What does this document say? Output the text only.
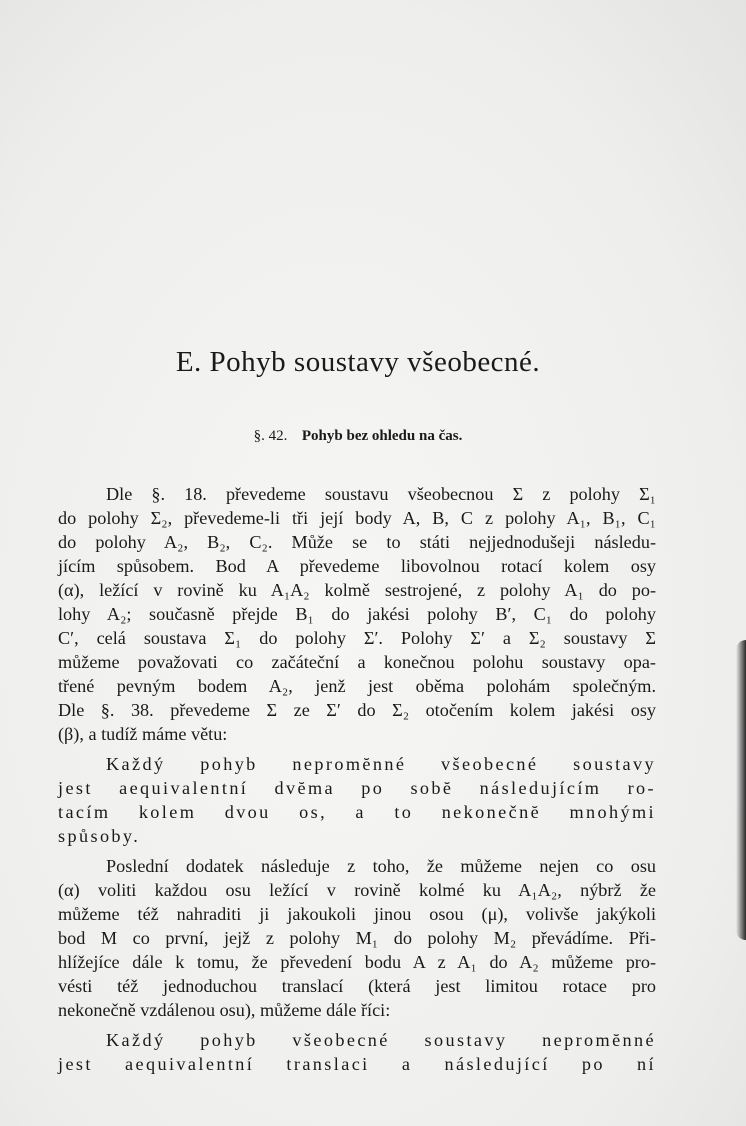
E. Pohyb soustavy všeobecné.
§. 42. Pohyb bez ohledu na čas.
Dle §. 18. převedeme soustavu všeobecnou Σ z polohy Σ₁
do polohy Σ₂, převedeme-li tři její body A, B, C z polohy A₁, B₁, C₁
do polohy A₂, B₂, C₂. Může se to státi nejjednodušeji následu-
jícím spůsobem. Bod A převedeme libovolnou rotací kolem osy
(α), ležící v rovině ku A₁A₂ kolmě sestrojené, z polohy A₁ do po-
lohy A₂; současně přejde B₁ do jakési polohy B′, C₁ do polohy
C′, celá soustava Σ₁ do polohy Σ′. Polohy Σ′ a Σ₂ soustavy Σ
můžeme považovati co začáteční a konečnou polohu soustavy opa-
třené pevným bodem A₂, jenž jest oběma polohám společným.
Dle §. 38. převedeme Σ ze Σ′ do Σ₂ otočením kolem jakési osy
(β), a tudíž máme větu:
Každý pohyb nepromĕnné všeobecné soustavy
jest aequivalentní dvĕma po sobĕ následujícím ro-
tacím kolem dvou os, a to nekonečnĕ mnohými
spůsoby.
Poslední dodatek následuje z toho, že můžeme nejen co osu
(α) voliti každou osu ležící v rovině kolmé ku A₁A₂, nýbrž že
můžeme též nahraditi ji jakoukoli jinou osou (μ), volivše jakýkoli
bod M co první, jejž z polohy M₁ do polohy M₂ převádíme. Při-
hlížejíce dále k tomu, že převedení bodu A z A₁ do A₂ můžeme pro-
vésti též jednoduchou translací (která jest limitou rotace pro
nekonečně vzdálenou osu), můžeme dále říci:
Každý pohyb všeobecné soustavy nepromĕnné
jest aequivalentní translaci a následující po ní
